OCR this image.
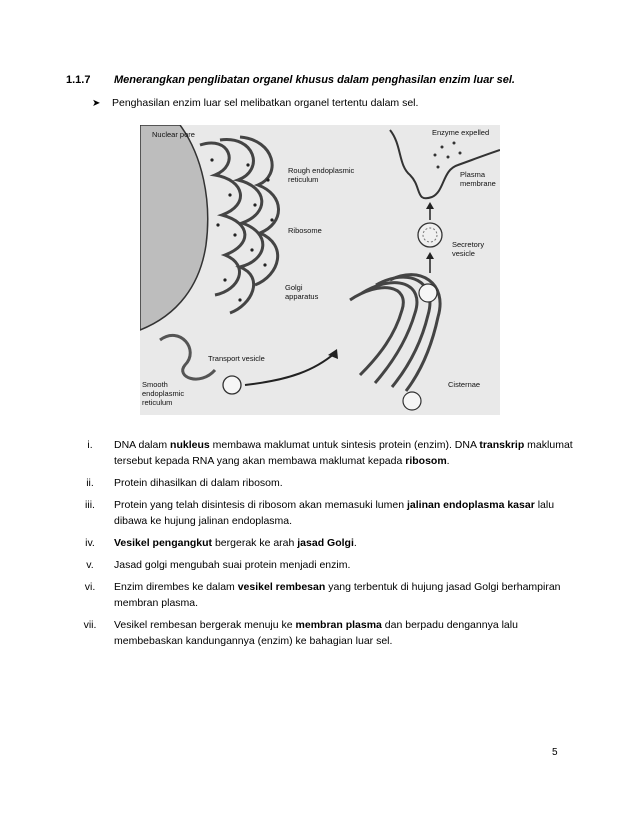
1.1.7 Menerangkan penglibatan organel khusus dalam penghasilan enzim luar sel.
➤ Penghasilan enzim luar sel melibatkan organel tertentu dalam sel.
Nuclear pore	Enzyme expelled
Rough endoplasmic
reticulum
Plasma
membrane
Ribosome
Secretory
vesicle
Golgi
apparatus
Transport vesicle
Smooth
endoplasmic
reticulum
Cisternae
i.	DNA dalam nukleus membawa maklumat untuk sintesis protein (enzim). DNA transkrip maklumat tersebut kepada RNA yang akan membawa maklumat kepada ribosom.
ii.	Protein dihasilkan di dalam ribosom.
iii.	Protein yang telah disintesis di ribosom akan memasuki lumen jalinan endoplasma kasar lalu dibawa ke hujung jalinan endoplasma.
iv.	Vesikel pengangkut bergerak ke arah jasad Golgi.
v.	Jasad golgi mengubah suai protein menjadi enzim.
vi.	Enzim dirembes ke dalam vesikel rembesan yang terbentuk di hujung jasad Golgi berhampiran membran plasma.
vii.	Vesikel rembesan bergerak menuju ke membran plasma dan berpadu dengannya lalu membebaskan kandungannya (enzim) ke bahagian luar sel.
5
